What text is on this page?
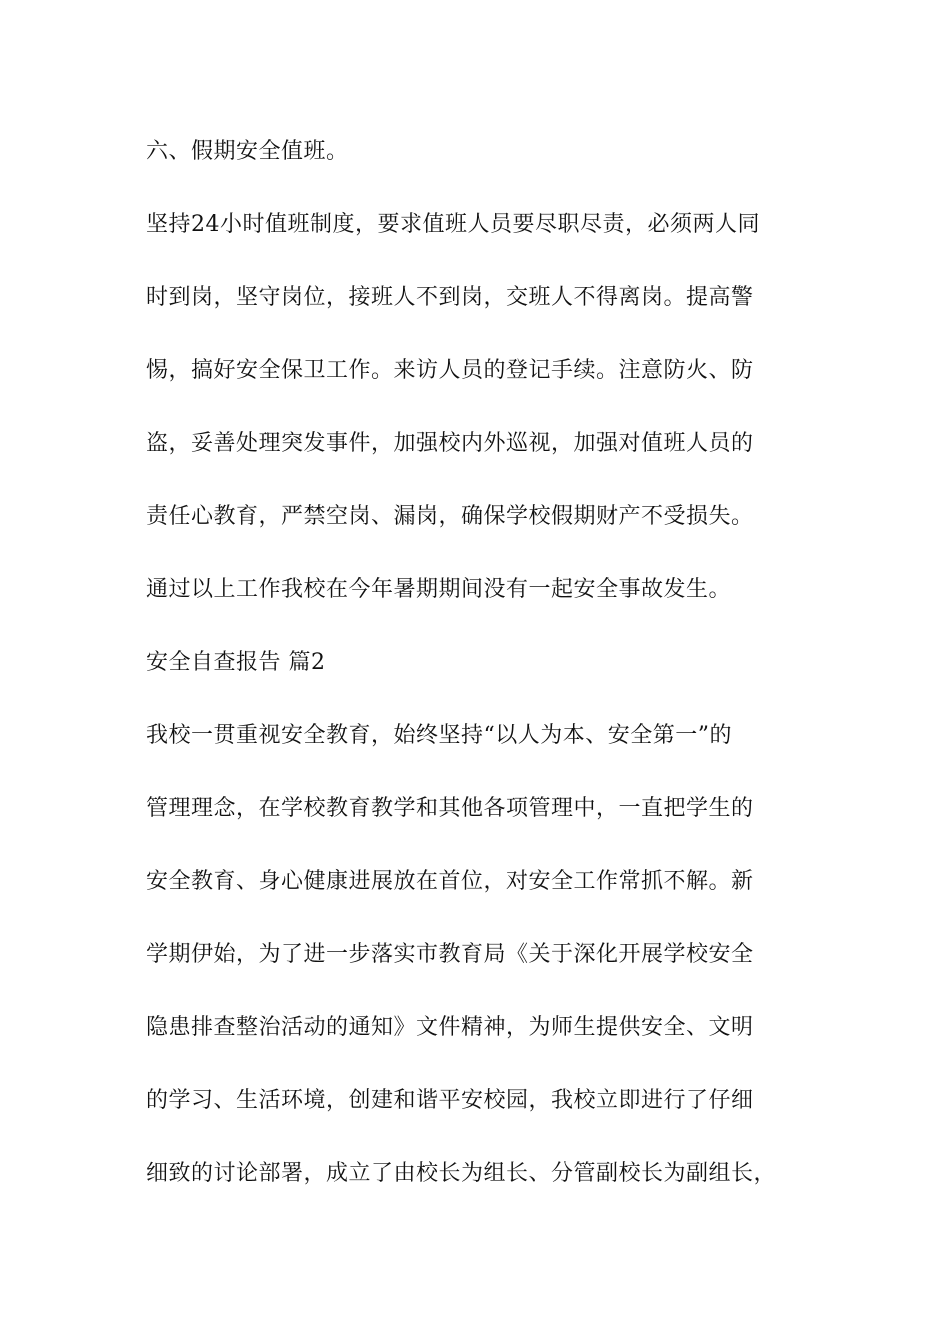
六、假期安全值班。
坚持24小时值班制度，要求值班人员要尽职尽责，必须两人同
时到岗，坚守岗位，接班人不到岗，交班人不得离岗。提高警
惕，搞好安全保卫工作。来访人员的登记手续。注意防火、防
盗，妥善处理突发事件，加强校内外巡视，加强对值班人员的
责任心教育，严禁空岗、漏岗，确保学校假期财产不受损失。
通过以上工作我校在今年暑期期间没有一起安全事故发生。
安全自查报告 篇2
我校一贯重视安全教育，始终坚持“以人为本、安全第一”的
管理理念，在学校教育教学和其他各项管理中，一直把学生的
安全教育、身心健康进展放在首位，对安全工作常抓不解。新
学期伊始，为了进一步落实市教育局《关于深化开展学校安全
隐患排查整治活动的通知》文件精神，为师生提供安全、文明
的学习、生活环境，创建和谐平安校园，我校立即进行了仔细
细致的讨论部署，成立了由校长为组长、分管副校长为副组长，
